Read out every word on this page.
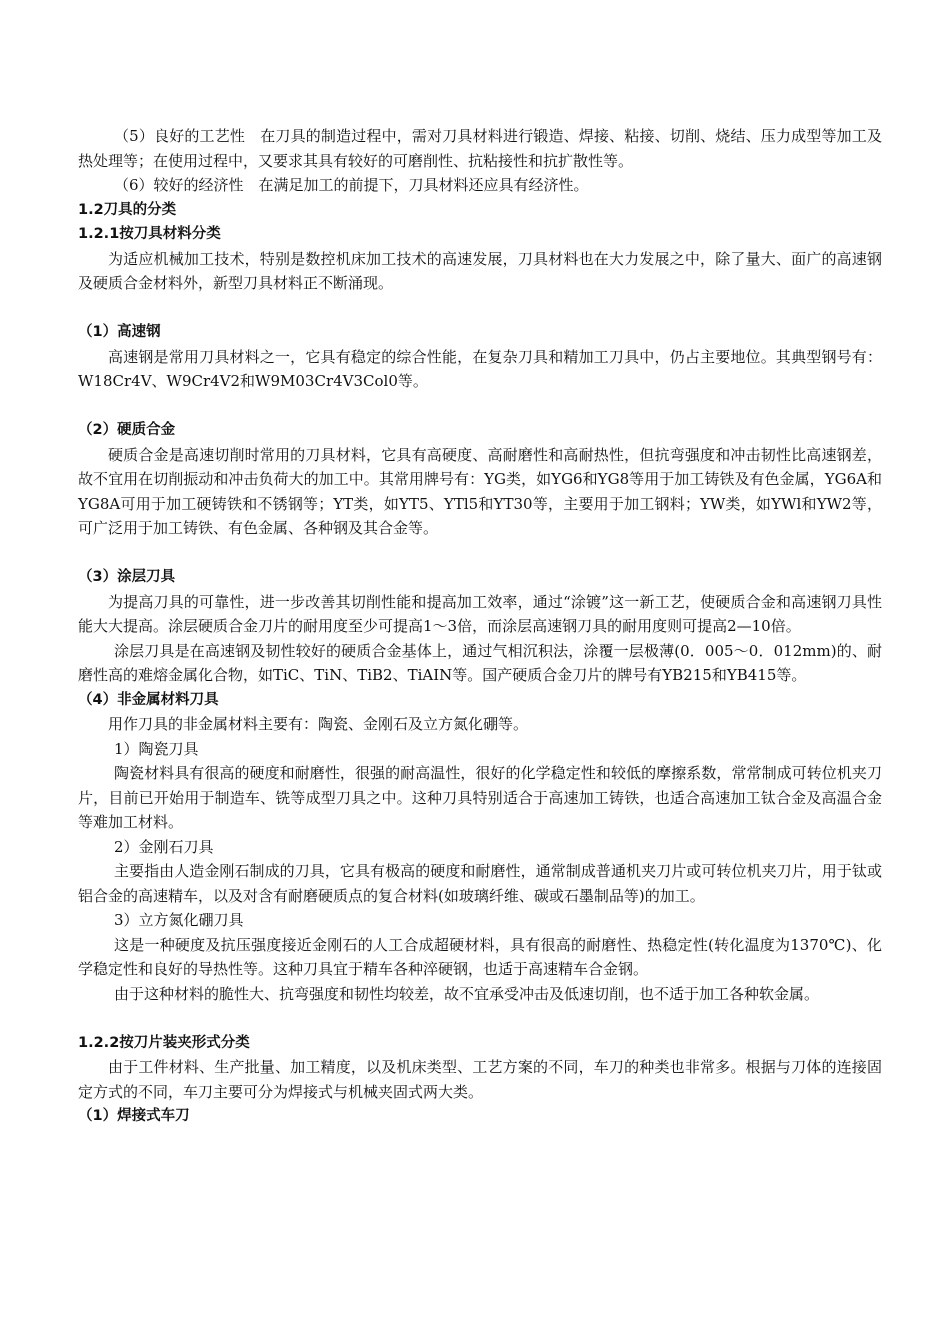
（5）良好的工艺性　在刀具的制造过程中，需对刀具材料进行锻造、焊接、粘接、切削、烧结、压力成型等加工及热处理等；在使用过程中，又要求其具有较好的可磨削性、抗粘接性和抗扩散性等。

（6）较好的经济性　在满足加工的前提下，刀具材料还应具有经济性。

1.2刀具的分类

1.2.1按刀具材料分类

为适应机械加工技术，特别是数控机床加工技术的高速发展，刀具材料也在大力发展之中，除了量大、面广的高速钢及硬质合金材料外，新型刀具材料正不断涌现。

（1）高速钢

高速钢是常用刀具材料之一，它具有稳定的综合性能，在复杂刀具和精加工刀具中，仍占主要地位。其典型钢号有：W18Cr4V、W9Cr4V2和W9M03Cr4V3Col0等。

（2）硬质合金

硬质合金是高速切削时常用的刀具材料，它具有高硬度、高耐磨性和高耐热性，但抗弯强度和冲击韧性比高速钢差，故不宜用在切削振动和冲击负荷大的加工中。其常用牌号有：YG类，如YG6和YG8等用于加工铸铁及有色金属，YG6A和YG8A可用于加工硬铸铁和不锈钢等；YT类，如YT5、YTl5和YT30等，主要用于加工钢料；YW类，如YWl和YW2等，可广泛用于加工铸铁、有色金属、各种钢及其合金等。

（3）涂层刀具

为提高刀具的可靠性，进一步改善其切削性能和提高加工效率，通过“涂镀”这一新工艺，使硬质合金和高速钢刀具性能大大提高。涂层硬质合金刀片的耐用度至少可提高1～3倍，而涂层高速钢刀具的耐用度则可提高2—10倍。

涂层刀具是在高速钢及韧性较好的硬质合金基体上，通过气相沉积法，涂覆一层极薄(0．005～0．012mm)的、耐磨性高的难熔金属化合物，如TiC、TiN、TiB2、TiAIN等。国产硬质合金刀片的牌号有YB215和YB415等。

（4）非金属材料刀具

用作刀具的非金属材料主要有：陶瓷、金刚石及立方氮化硼等。

1）陶瓷刀具

陶瓷材料具有很高的硬度和耐磨性，很强的耐高温性，很好的化学稳定性和较低的摩擦系数，常常制成可转位机夹刀片，目前已开始用于制造车、铣等成型刀具之中。这种刀具特别适合于高速加工铸铁，也适合高速加工钛合金及高温合金等难加工材料。

2）金刚石刀具

主要指由人造金刚石制成的刀具，它具有极高的硬度和耐磨性，通常制成普通机夹刀片或可转位机夹刀片，用于钛或铝合金的高速精车，以及对含有耐磨硬质点的复合材料(如玻璃纤维、碳或石墨制品等)的加工。

3）立方氮化硼刀具

这是一种硬度及抗压强度接近金刚石的人工合成超硬材料，具有很高的耐磨性、热稳定性(转化温度为1370℃)、化学稳定性和良好的导热性等。这种刀具宜于精车各种淬硬钢，也适于高速精车合金钢。

由于这种材料的脆性大、抗弯强度和韧性均较差，故不宜承受冲击及低速切削，也不适于加工各种软金属。

1.2.2按刀片装夹形式分类

由于工件材料、生产批量、加工精度，以及机床类型、工艺方案的不同，车刀的种类也非常多。根据与刀体的连接固定方式的不同，车刀主要可分为焊接式与机械夹固式两大类。

（1）焊接式车刀
